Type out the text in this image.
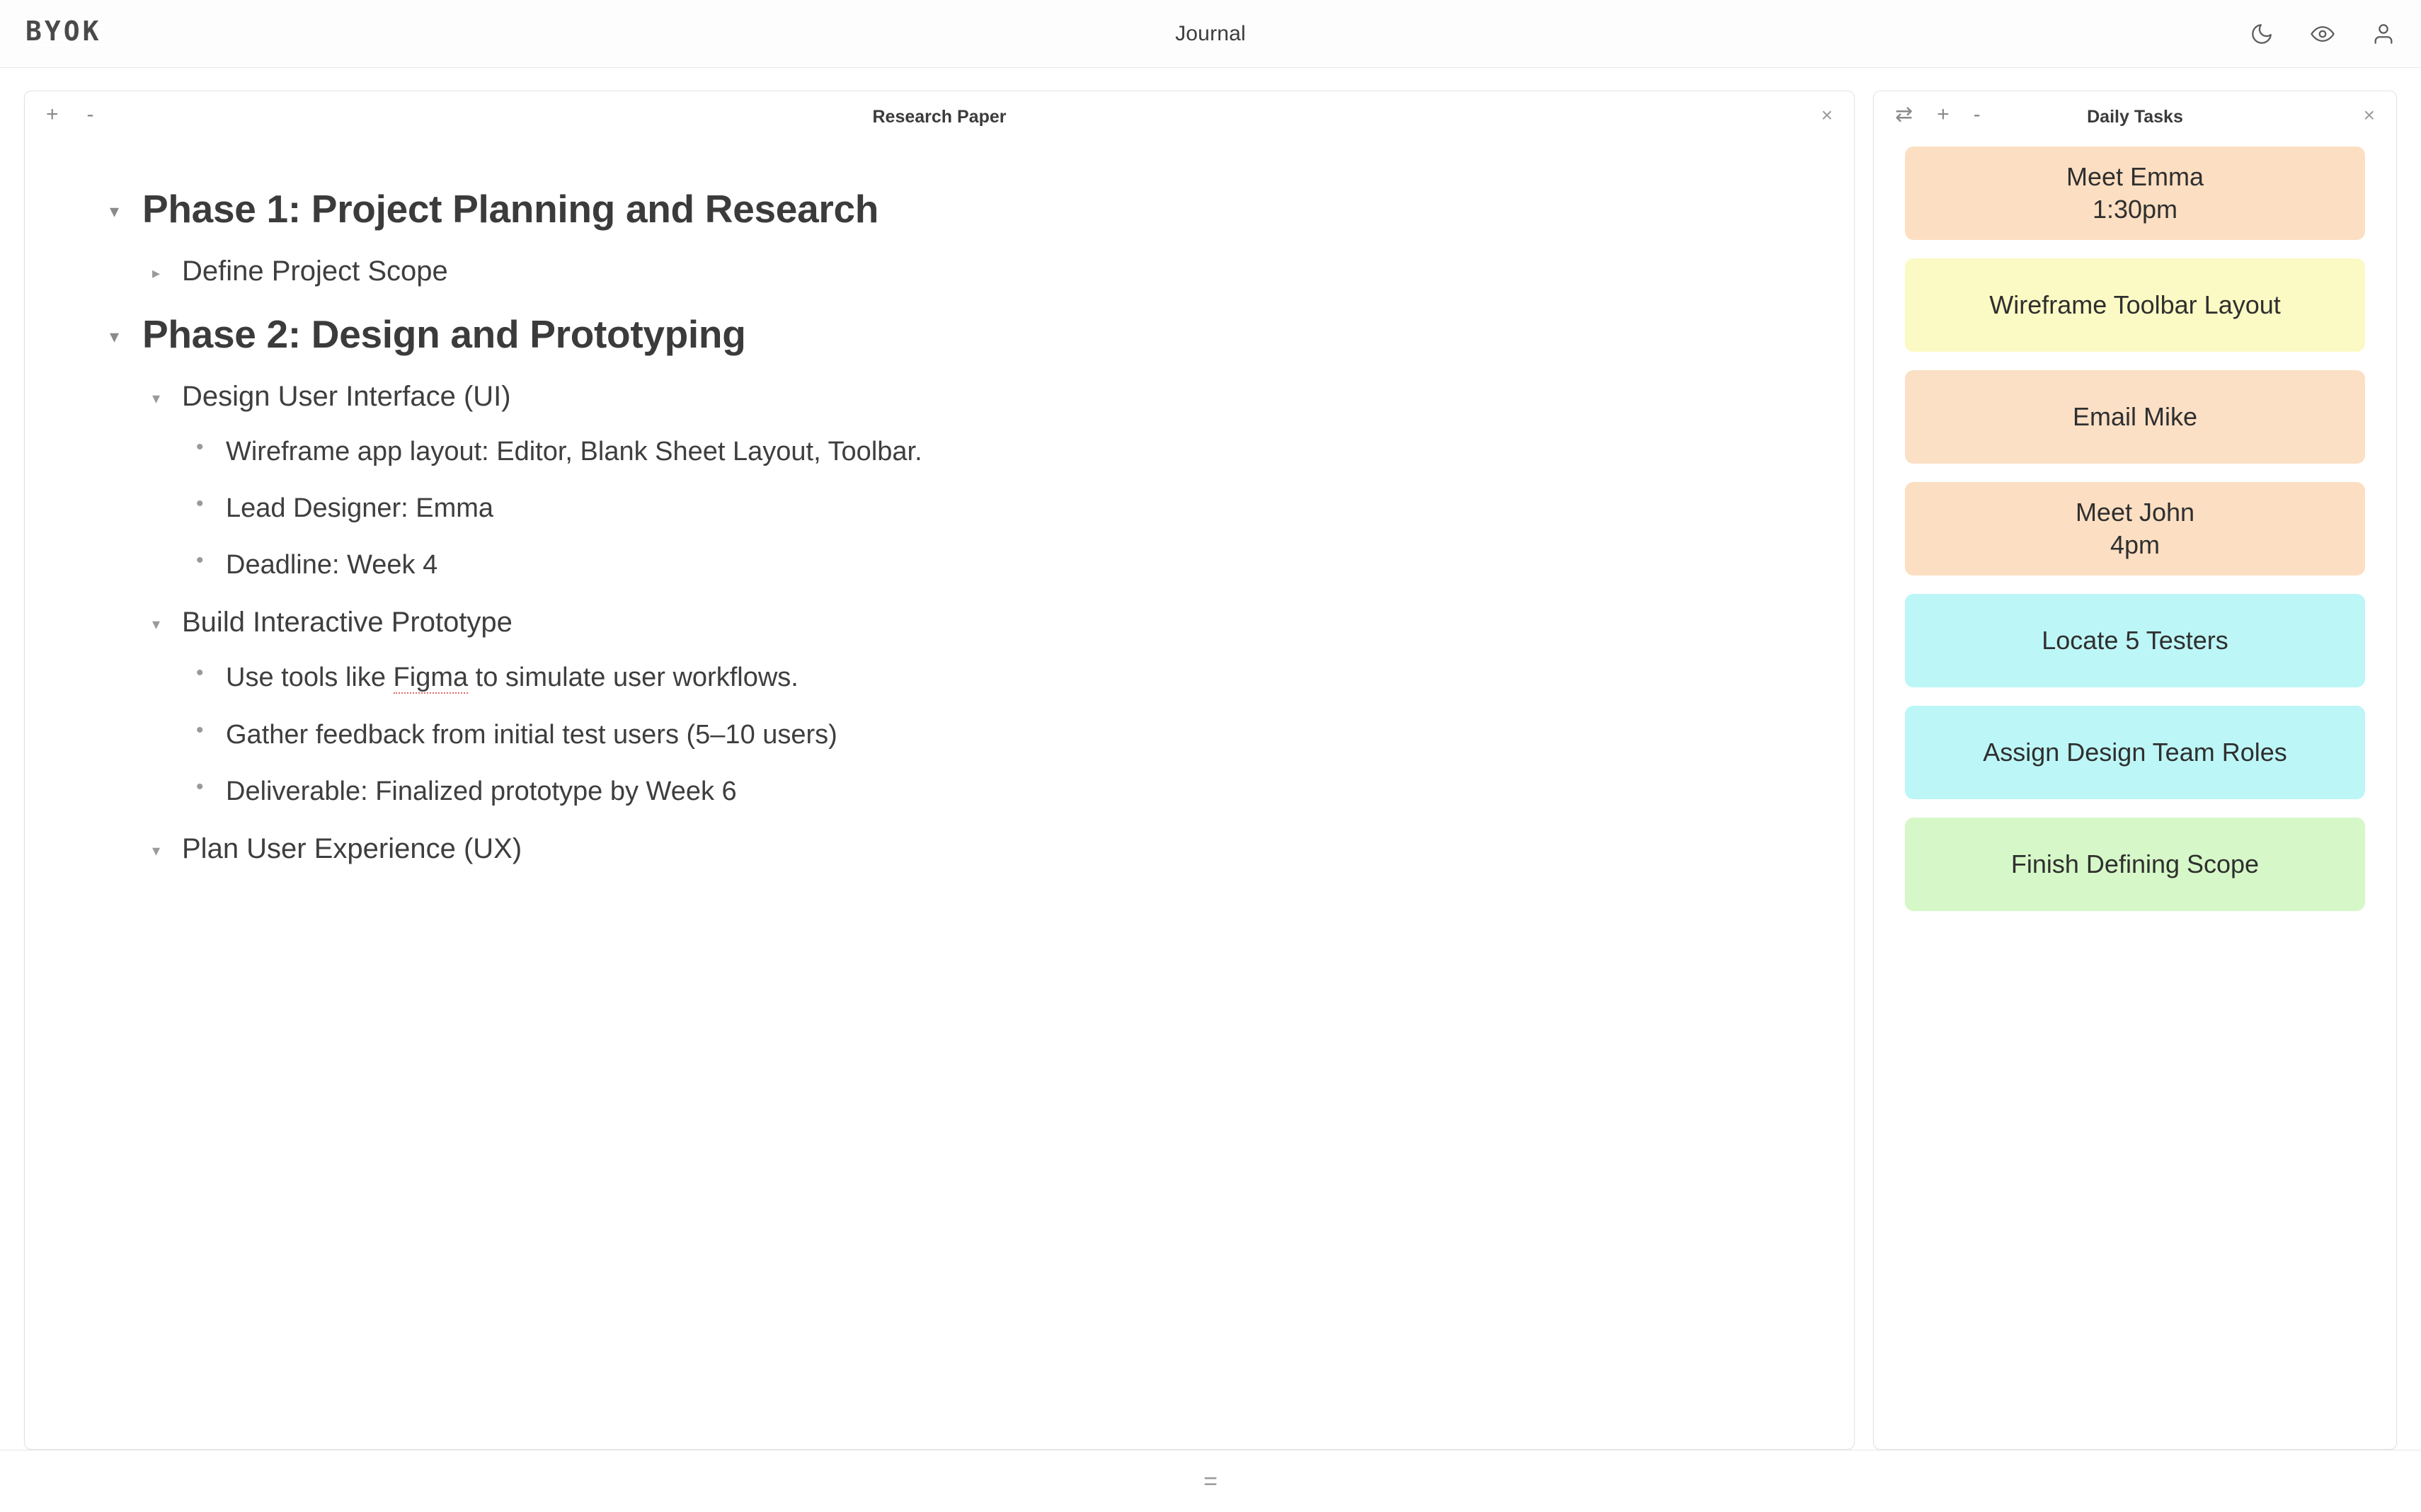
BYOK	Journal
+ -	Research Paper	×
▾ Phase 1: Project Planning and Research
▸ Define Project Scope
▾ Phase 2: Design and Prototyping
▾ Design User Interface (UI)
• Wireframe app layout: Editor, Blank Sheet Layout, Toolbar.
• Lead Designer: Emma
• Deadline: Week 4
▾ Build Interactive Prototype
• Use tools like Figma to simulate user workflows.
• Gather feedback from initial test users (5–10 users)
• Deliverable: Finalized prototype by Week 6
▾ Plan User Experience (UX)
⇄ + -	Daily Tasks	×
Meet Emma
1:30pm
Wireframe Toolbar Layout
Email Mike
Meet John
4pm
Locate 5 Testers
Assign Design Team Roles
Finish Defining Scope
=
